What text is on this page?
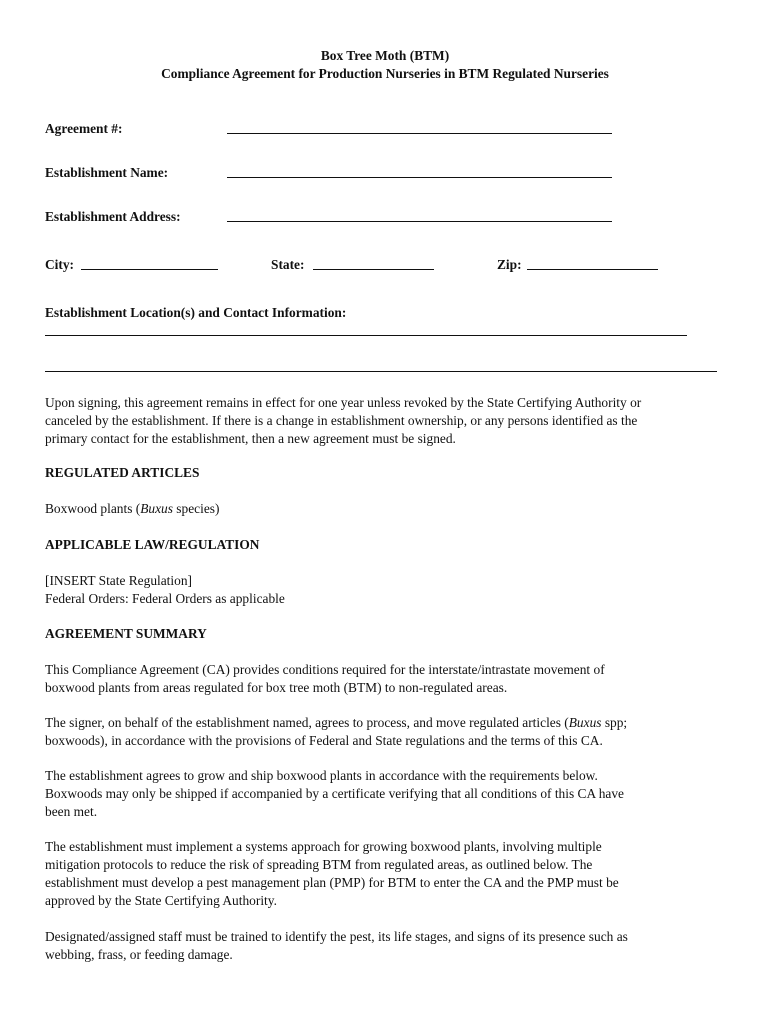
Box Tree Moth (BTM)
Compliance Agreement for Production Nurseries in BTM Regulated Nurseries
Agreement #:
Establishment Name:
Establishment Address:
City:	State:	Zip:
Establishment Location(s) and Contact Information:
Upon signing, this agreement remains in effect for one year unless revoked by the State Certifying Authority or
canceled by the establishment. If there is a change in establishment ownership, or any persons identified as the
primary contact for the establishment, then a new agreement must be signed.
REGULATED ARTICLES
Boxwood plants (Buxus species)
APPLICABLE LAW/REGULATION
[INSERT State Regulation]
Federal Orders: Federal Orders as applicable
AGREEMENT SUMMARY
This Compliance Agreement (CA) provides conditions required for the interstate/intrastate movement of
boxwood plants from areas regulated for box tree moth (BTM) to non-regulated areas.
The signer, on behalf of the establishment named, agrees to process, and move regulated articles (Buxus spp;
boxwoods), in accordance with the provisions of Federal and State regulations and the terms of this CA.
The establishment agrees to grow and ship boxwood plants in accordance with the requirements below.
Boxwoods may only be shipped if accompanied by a certificate verifying that all conditions of this CA have
been met.
The establishment must implement a systems approach for growing boxwood plants, involving multiple
mitigation protocols to reduce the risk of spreading BTM from regulated areas, as outlined below. The
establishment must develop a pest management plan (PMP) for BTM to enter the CA and the PMP must be
approved by the State Certifying Authority.
Designated/assigned staff must be trained to identify the pest, its life stages, and signs of its presence such as
webbing, frass, or feeding damage.
